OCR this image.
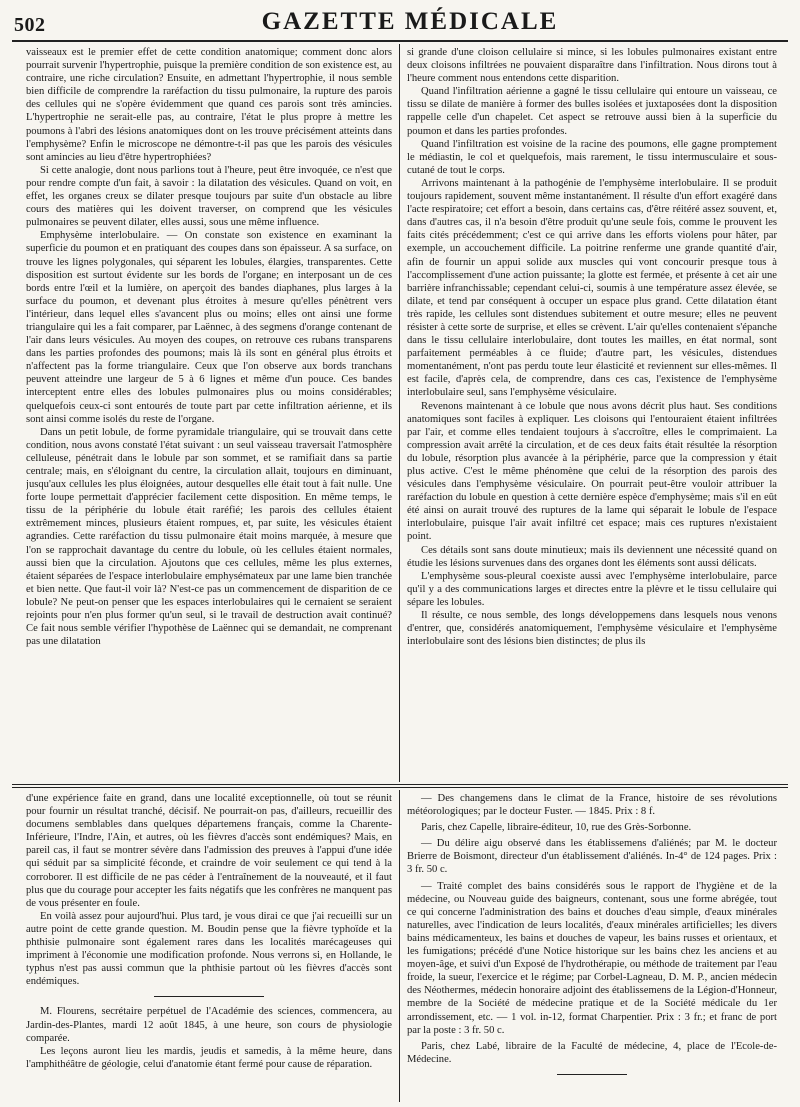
502	GAZETTE MÉDICALE

vaisseaux est le premier effet de cette condition anatomique; comment donc alors pourrait survenir l'hypertrophie, puisque la première condition de son existence est, au contraire, une riche circulation? Ensuite, en admettant l'hypertrophie, il nous semble bien difficile de comprendre la raréfaction du tissu pulmonaire, la rupture des parois des cellules qui ne s'opère évidemment que quand ces parois sont très amincies. L'hypertrophie ne serait-elle pas, au contraire, l'état le plus propre à mettre les poumons à l'abri des lésions anatomiques dont on les trouve précisément atteints dans l'emphysème? Enfin le microscope ne démontre-t-il pas que les parois des vésicules sont amincies au lieu d'être hypertrophiées?

Si cette analogie, dont nous parlions tout à l'heure, peut être invoquée, ce n'est que pour rendre compte d'un fait, à savoir : la dilatation des vésicules. Quand on voit, en effet, les organes creux se dilater presque toujours par suite d'un obstacle au libre cours des matières qui les doivent traverser, on comprend que les vésicules pulmonaires se peuvent dilater, elles aussi, sous une même influence.

Emphysème interlobulaire. — On constate son existence en examinant la superficie du poumon et en pratiquant des coupes dans son épaisseur. A sa surface, on trouve les lignes polygonales, qui séparent les lobules, élargies, transparentes. Cette disposition est surtout évidente sur les bords de l'organe; en interposant un de ces bords entre l'œil et la lumière, on aperçoit des bandes diaphanes, plus larges à la surface du poumon, et devenant plus étroites à mesure qu'elles pénètrent vers l'intérieur, dans lequel elles s'avancent plus ou moins; elles ont ainsi une forme triangulaire qui les a fait comparer, par Laënnec, à des segmens d'orange contenant de l'air dans leurs vésicules. Au moyen des coupes, on retrouve ces rubans transparens dans les parties profondes des poumons; mais là ils sont en général plus étroits et n'affectent pas la forme triangulaire. Ceux que l'on observe aux bords tranchans peuvent atteindre une largeur de 5 à 6 lignes et même d'un pouce. Ces bandes interceptent entre elles des lobules pulmonaires plus ou moins considérables; quelquefois ceux-ci sont entourés de toute part par cette infiltration aérienne, et ils sont ainsi comme isolés du reste de l'organe.

Dans un petit lobule, de forme pyramidale triangulaire, qui se trouvait dans cette condition, nous avons constaté l'état suivant : un seul vaisseau traversait l'atmosphère celluleuse, pénétrait dans le lobule par son sommet, et se ramifiait dans sa partie centrale; mais, en s'éloignant du centre, la circulation allait, toujours en diminuant, jusqu'aux cellules les plus éloignées, autour desquelles elle était tout à fait nulle. Une forte loupe permettait d'apprécier facilement cette disposition. En même temps, le tissu de la périphérie du lobule était raréfié; les parois des cellules étaient extrêmement minces, plusieurs étaient rompues, et, par suite, les vésicules étaient agrandies. Cette raréfaction du tissu pulmonaire était moins marquée, à mesure que l'on se rapprochait davantage du centre du lobule, où les cellules étaient normales, aussi bien que la circulation. Ajoutons que ces cellules, même les plus externes, étaient séparées de l'espace interlobulaire emphysémateux par une lame bien tranchée et bien nette. Que faut-il voir là? N'est-ce pas un commencement de disparition de ce lobule? Ne peut-on penser que les espaces interlobulaires qui le cernaient se seraient rejoints pour n'en plus former qu'un seul, si le travail de destruction avait continué? Ce fait nous semble vérifier l'hypothèse de Laënnec qui se demandait, ne comprenant pas une dilatation

si grande d'une cloison cellulaire si mince, si les lobules pulmonaires existant entre deux cloisons infiltrées ne pouvaient disparaître dans l'infiltration. Nous dirons tout à l'heure comment nous entendons cette disparition.

Quand l'infiltration aérienne a gagné le tissu cellulaire qui entoure un vaisseau, ce tissu se dilate de manière à former des bulles isolées et juxtaposées dont la disposition rappelle celle d'un chapelet. Cet aspect se retrouve aussi bien à la superficie du poumon et dans les parties profondes.

Quand l'infiltration est voisine de la racine des poumons, elle gagne promptement le médiastin, le col et quelquefois, mais rarement, le tissu intermusculaire et sous-cutané de tout le corps.

Arrivons maintenant à la pathogénie de l'emphysème interlobulaire. Il se produit toujours rapidement, souvent même instantanément. Il résulte d'un effort exagéré dans l'acte respiratoire; cet effort a besoin, dans certains cas, d'être réitéré assez souvent, et, dans d'autres cas, il n'a besoin d'être produit qu'une seule fois, comme le prouvent les faits cités précédemment; c'est ce qui arrive dans les efforts violens pour hâter, par exemple, un accouchement difficile. La poitrine renferme une grande quantité d'air, afin de fournir un appui solide aux muscles qui vont concourir presque tous à l'accomplissement d'une action puissante; la glotte est fermée, et présente à cet air une barrière infranchissable; cependant celui-ci, soumis à une température assez élevée, se dilate, et tend par conséquent à occuper un espace plus grand. Cette dilatation étant très rapide, les cellules sont distendues subitement et outre mesure; elles ne peuvent résister à cette sorte de surprise, et elles se crèvent. L'air qu'elles contenaient s'épanche dans le tissu cellulaire interlobulaire, dont toutes les mailles, en état normal, sont parfaitement perméables à ce fluide; d'autre part, les vésicules, distendues momentanément, n'ont pas perdu toute leur élasticité et reviennent sur elles-mêmes. Il est facile, d'après cela, de comprendre, dans ces cas, l'existence de l'emphysème interlobulaire seul, sans l'emphysème vésiculaire.

Revenons maintenant à ce lobule que nous avons décrit plus haut. Ses conditions anatomiques sont faciles à expliquer. Les cloisons qui l'entouraient étaient infiltrées par l'air, et comme elles tendaient toujours à s'accroître, elles le comprimaient. La compression avait arrêté la circulation, et de ces deux faits était résultée la résorption du lobule, résorption plus avancée à la périphérie, parce que la compression y était plus active. C'est le même phénomène que celui de la résorption des parois des vésicules dans l'emphysème vésiculaire. On pourrait peut-être vouloir attribuer la raréfaction du lobule en question à cette dernière espèce d'emphysème; mais s'il en eût été ainsi on aurait trouvé des ruptures de la lame qui séparait le lobule de l'espace interlobulaire, puisque l'air avait infiltré cet espace; mais ces ruptures n'existaient point.

Ces détails sont sans doute minutieux; mais ils deviennent une nécessité quand on étudie les lésions survenues dans des organes dont les éléments sont aussi délicats.

L'emphysème sous-pleural coexiste aussi avec l'emphysème interlobulaire, parce qu'il y a des communications larges et directes entre la plèvre et le tissu cellulaire qui sépare les lobules.

Il résulte, ce nous semble, des longs développemens dans lesquels nous venons d'entrer, que, considérés anatomiquement, l'emphysème vésiculaire et l'emphysème interlobulaire sont des lésions bien distinctes; de plus ils

d'une expérience faite en grand, dans une localité exceptionnelle, où tout se réunit pour fournir un résultat tranché, décisif. Ne pourrait-on pas, d'ailleurs, recueillir des documens semblables dans quelques départemens français, comme la Charente-Inférieure, l'Indre, l'Ain, et autres, où les fièvres d'accès sont endémiques? Mais, en pareil cas, il faut se montrer sévère dans l'admission des preuves à l'appui d'une idée qui séduit par sa simplicité féconde, et craindre de voir seulement ce qui tend à la corroborer. Il est difficile de ne pas céder à l'entraînement de la nouveauté, et il faut plus que du courage pour accepter les faits négatifs que les confrères ne manquent pas de vous présenter en foule.

En voilà assez pour aujourd'hui. Plus tard, je vous dirai ce que j'ai recueilli sur un autre point de cette grande question. M. Boudin pense que la fièvre typhoïde et la phthisie pulmonaire sont également rares dans les localités marécageuses qui impriment à l'économie une modification profonde. Nous verrons si, en Hollande, le typhus n'est pas aussi commun que la phthisie partout où les fièvres d'accès sont endémiques.

M. Flourens, secrétaire perpétuel de l'Académie des sciences, commencera, au Jardin-des-Plantes, mardi 12 août 1845, à une heure, son cours de physiologie comparée.

Les leçons auront lieu les mardis, jeudis et samedis, à la même heure, dans l'amphithéâtre de géologie, celui d'anatomie étant fermé pour cause de réparation.

— Des changemens dans le climat de la France, histoire de ses révolutions météorologiques; par le docteur Fuster. — 1845. Prix : 8 f.

Paris, chez Capelle, libraire-éditeur, 10, rue des Grès-Sorbonne.

— Du délire aigu observé dans les établissemens d'aliénés; par M. le docteur Brierre de Boismont, directeur d'un établissement d'aliénés. In-4° de 124 pages. Prix : 3 fr. 50 c.

— Traité complet des bains considérés sous le rapport de l'hygiène et de la médecine, ou Nouveau guide des baigneurs, contenant, sous une forme abrégée, tout ce qui concerne l'administration des bains et douches d'eau simple, d'eaux minérales naturelles, avec l'indication de leurs localités, d'eaux minérales artificielles; les divers bains médicamenteux, les bains et douches de vapeur, les bains russes et orientaux, et les fumigations; précédé d'une Notice historique sur les bains chez les anciens et au moyen-âge, et suivi d'un Exposé de l'hydrothérapie, ou méthode de traitement par l'eau froide, la sueur, l'exercice et le régime; par Corbel-Lagneau, D. M. P., ancien médecin des Néothermes, médecin honoraire adjoint des établissemens de la Légion-d'Honneur, membre de la Société de médecine pratique et de la Société médicale du 1er arrondissement, etc. — 1 vol. in-12, format Charpentier. Prix : 3 fr.; et franc de port par la poste : 3 fr. 50 c.

Paris, chez Labé, libraire de la Faculté de médecine, 4, place de l'Ecole-de-Médecine.
